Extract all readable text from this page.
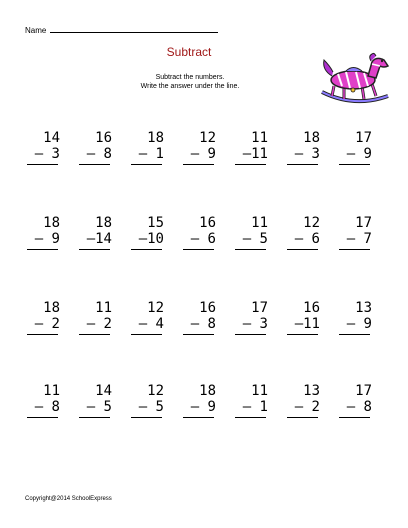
Name
Subtract
Subtract the numbers.
Write the answer under the line.
14
– 3
16
– 8
18
– 1
12
– 9
11
–11
18
– 3
17
– 9
18
– 9
18
–14
15
–10
16
– 6
11
– 5
12
– 6
17
– 7
18
– 2
11
– 2
12
– 4
16
– 8
17
– 3
16
–11
13
– 9
11
– 8
14
– 5
12
– 5
18
– 9
11
– 1
13
– 2
17
– 8
Copyright@2014 SchoolExpress
